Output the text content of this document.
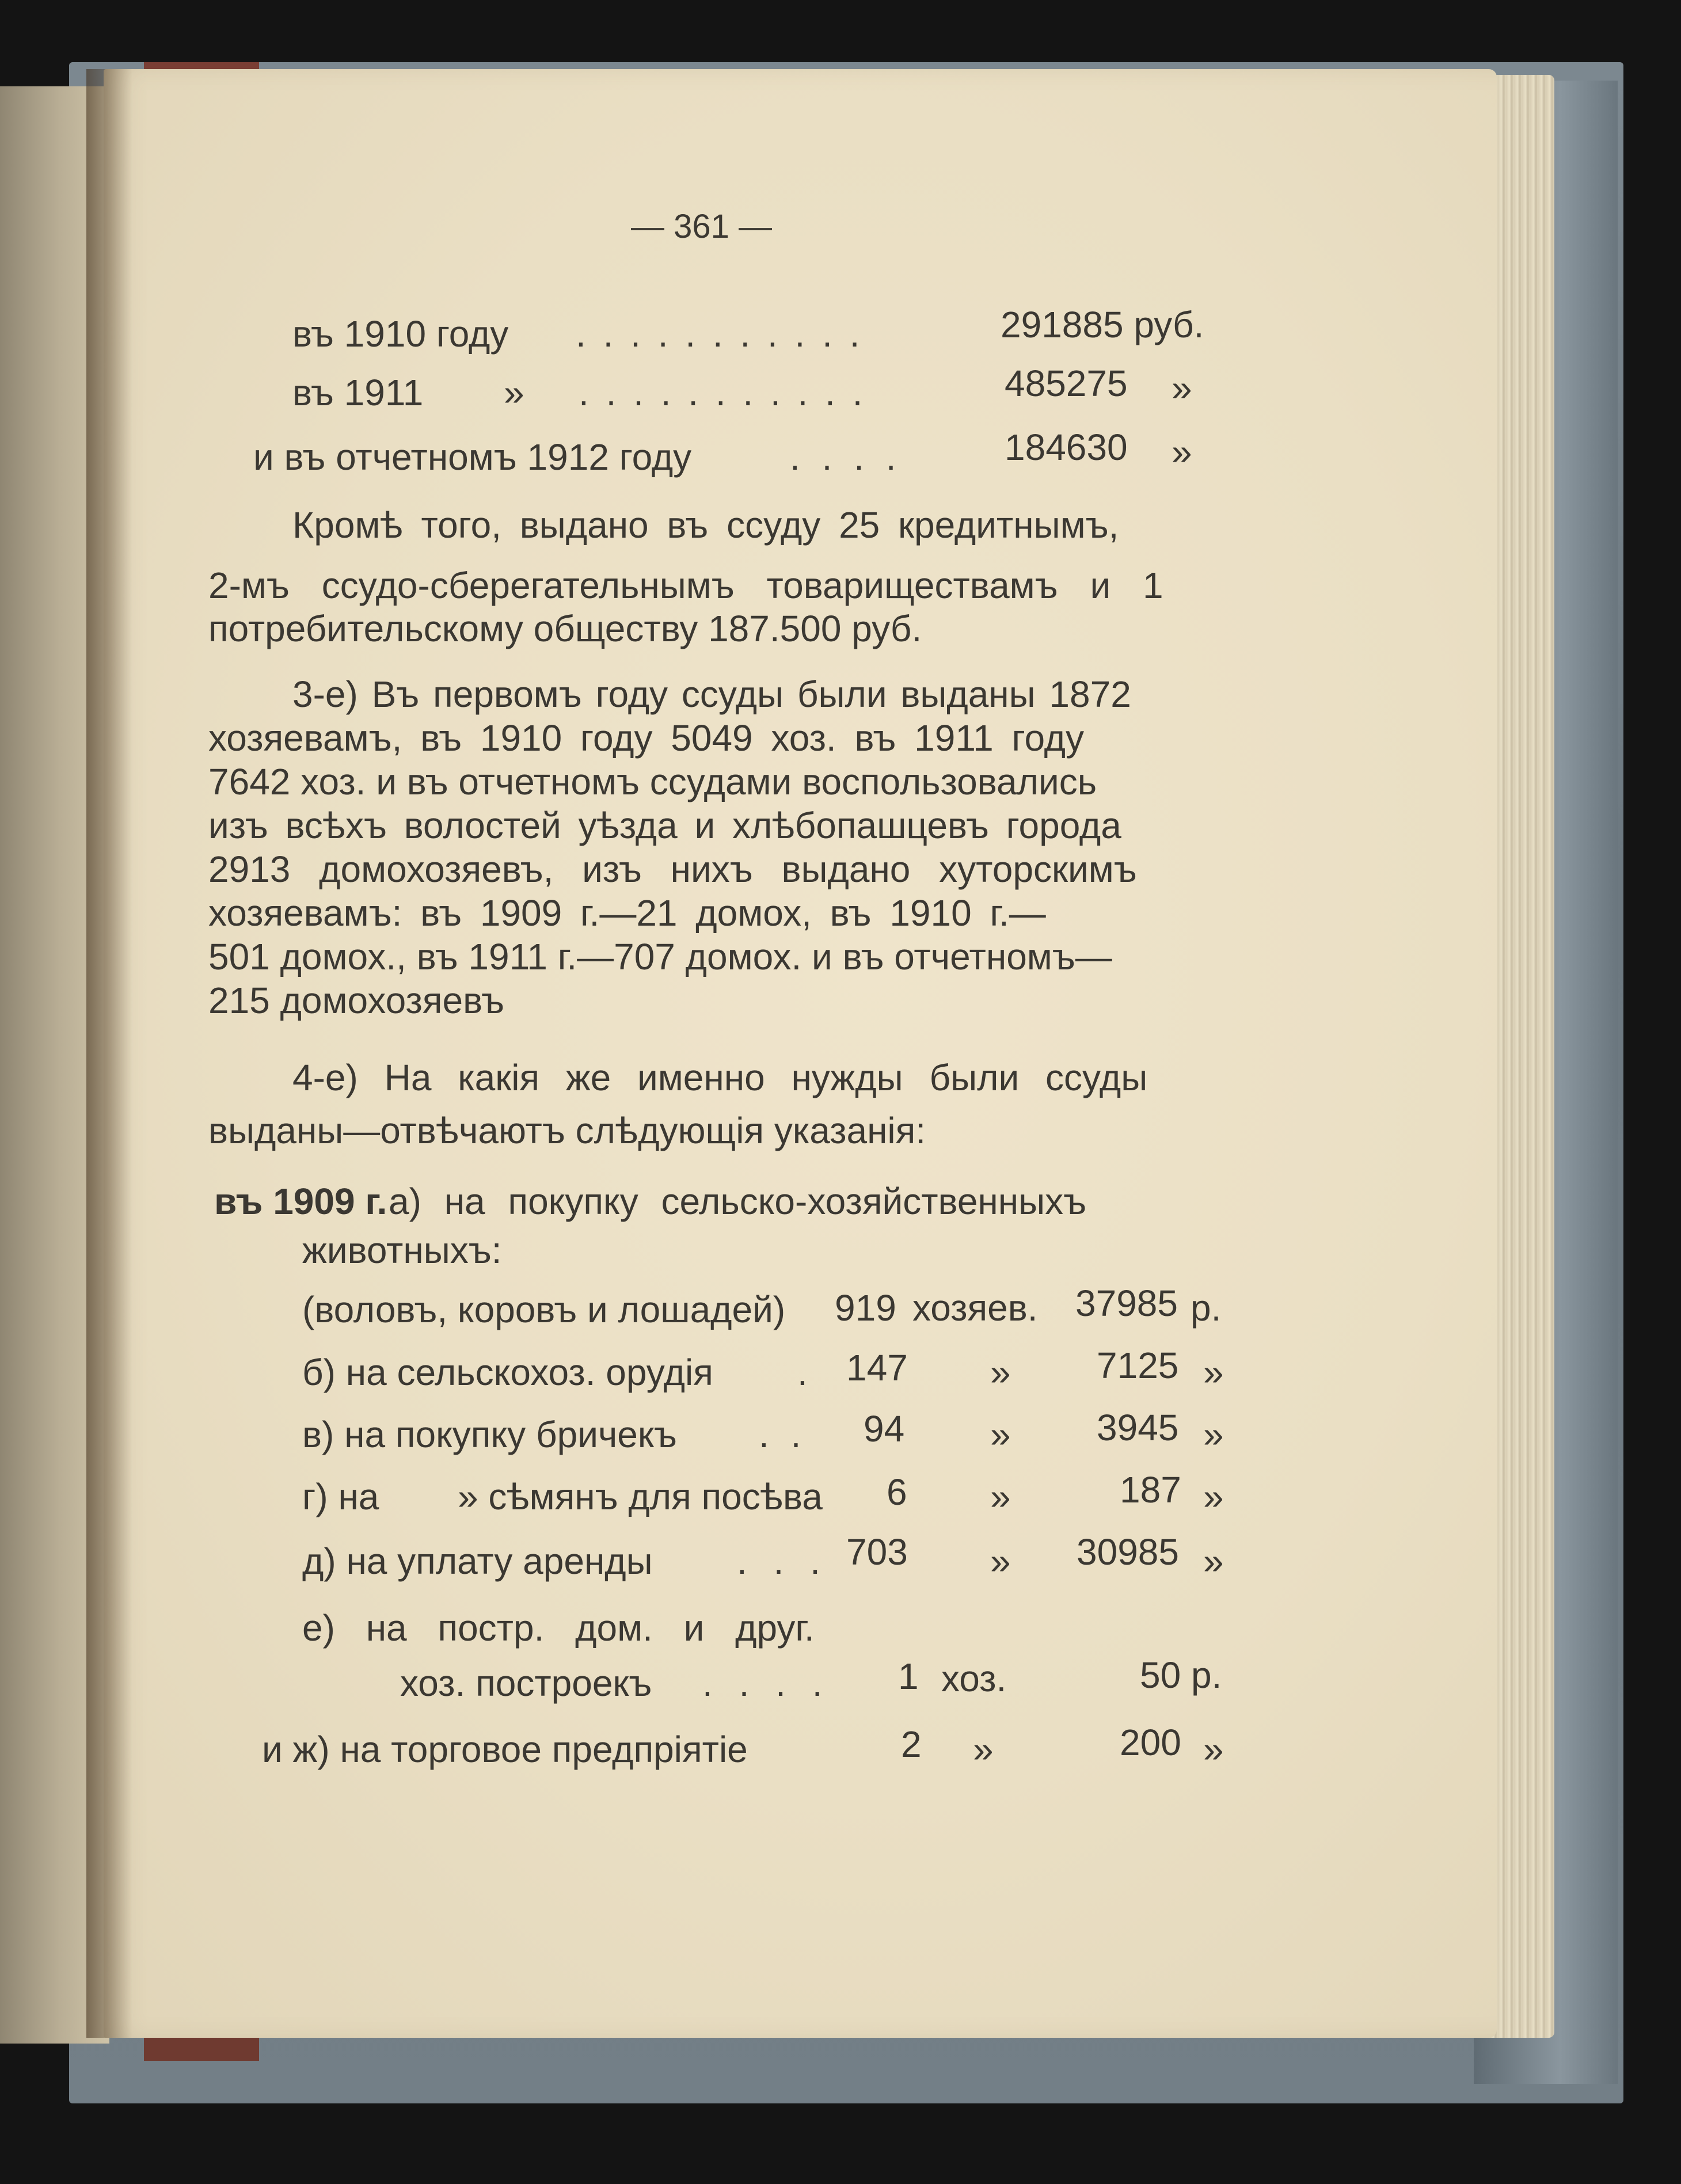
— 361 —

въ 1910 году . . . . . . . . . . .	291885 руб.

въ 1911 » . . . . . . . . . . .	485275 »

и въ отчетномъ 1912 году	. . . .	184630 »

Кромѣ того, выдано въ ссуду 25 кредитнымъ,

2-мъ ссудо-сберегательнымъ товариществамъ и 1

потребительскому обществу 187.500 руб.

3-е) Въ первомъ году ссуды были выданы 1872

хозяевамъ, въ 1910 году 5049 хоз. въ 1911 году

7642 хоз. и въ отчетномъ ссудами воспользовались

изъ всѣхъ волостей уѣзда и хлѣбопашцевъ города

2913 домохозяевъ, изъ нихъ выдано хуторскимъ

хозяевамъ: въ 1909 г.—21 домох, въ 1910 г.—

501 домох., въ 1911 г.—707 домох. и въ отчетномъ—

215 домохозяевъ

4-е) На какія же именно нужды были ссуды

выданы—отвѣчаютъ слѣдующія указанія:

въ 1909 г. а) на покупку сельско-хозяйственныхъ

животныхъ:

(воловъ, коровъ и лошадей) 919 хозяев. 37985 р.

б) на сельскохоз. орудія . 147 » 7125 »

в) на покупку бричекъ . . 94 » 3945 »

г) на » сѣмянъ для посѣва 6 »	187 »

д) на уплату аренды . . . 703 » 30985 »

е) на постр. дом. и друг.

хоз. построекъ . . . . 1 хоз.	50 р.

и ж) на торговое предпріятіе	2 »	200 »
